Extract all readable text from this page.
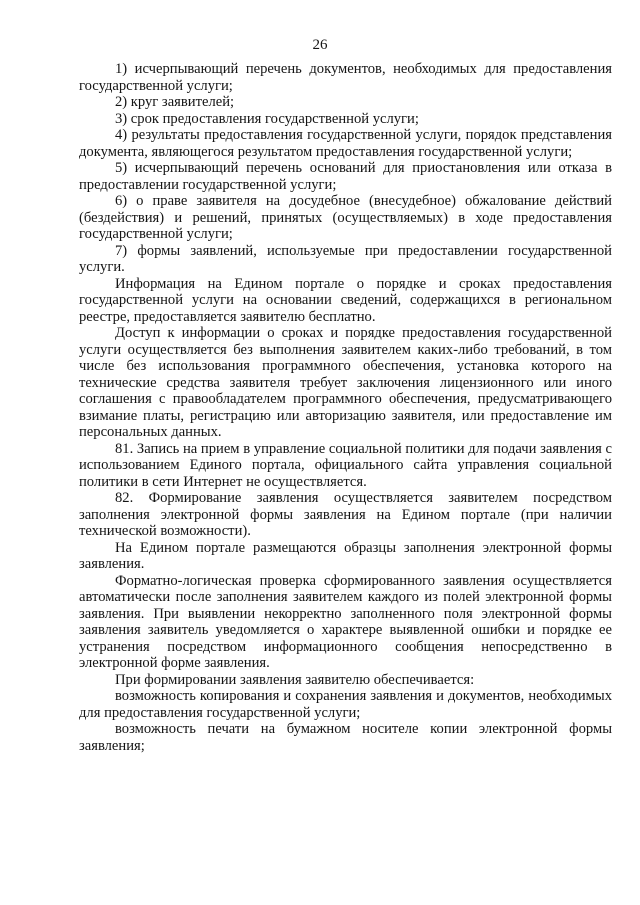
26

1) исчерпывающий перечень документов, необходимых для предоставления государственной услуги;

2) круг заявителей;

3) срок предоставления государственной услуги;

4) результаты предоставления государственной услуги, порядок представления документа, являющегося результатом предоставления государственной услуги;

5) исчерпывающий перечень оснований для приостановления или отказа в предоставлении государственной услуги;

6) о праве заявителя на досудебное (внесудебное) обжалование действий (бездействия) и решений, принятых (осуществляемых) в ходе предоставления государственной услуги;

7) формы заявлений, используемые при предоставлении государственной услуги.

Информация на Едином портале о порядке и сроках предоставления государственной услуги на основании сведений, содержащихся в региональном реестре, предоставляется заявителю бесплатно.

Доступ к информации о сроках и порядке предоставления государственной услуги осуществляется без выполнения заявителем каких-либо требований, в том числе без использования программного обеспечения, установка которого на технические средства заявителя требует заключения лицензионного или иного соглашения с правообладателем программного обеспечения, предусматривающего взимание платы, регистрацию или авторизацию заявителя, или предоставление им персональных данных.

81. Запись на прием в управление социальной политики для подачи заявления с использованием Единого портала, официального сайта управления социальной политики в сети Интернет не осуществляется.

82. Формирование заявления осуществляется заявителем посредством заполнения электронной формы заявления на Едином портале (при наличии технической возможности).

На Едином портале размещаются образцы заполнения электронной формы заявления.

Форматно-логическая проверка сформированного заявления осуществляется автоматически после заполнения заявителем каждого из полей электронной формы заявления. При выявлении некорректно заполненного поля электронной формы заявления заявитель уведомляется о характере выявленной ошибки и порядке ее устранения посредством информационного сообщения непосредственно в электронной форме заявления.

При формировании заявления заявителю обеспечивается:

возможность копирования и сохранения заявления и документов, необходимых для предоставления государственной услуги;

возможность печати на бумажном носителе копии электронной формы заявления;
